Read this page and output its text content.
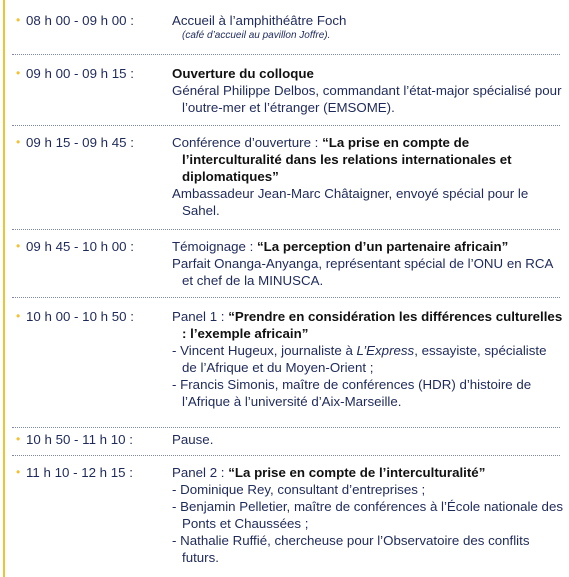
• 08 h 00 - 09 h 00 :	Accueil à l’amphithéâtre Foch
(café d’accueil au pavillon Joffre).
• 09 h 00 - 09 h 15 :	Ouverture du colloque
Général Philippe Delbos, commandant l’état-major spécialisé pour l’outre-mer et l’étranger (EMSOME).
• 09 h 15 - 09 h 45 :	Conférence d’ouverture : “La prise en compte de l’interculturalité dans les relations internationales et diplomatiques”
Ambassadeur Jean-Marc Châtaigner, envoyé spécial pour le Sahel.
• 09 h 45 - 10 h 00 :	Témoignage : “La perception d’un partenaire africain”
Parfait Onanga-Anyanga, représentant spécial de l’ONU en RCA et chef de la MINUSCA.
• 10 h 00 - 10 h 50 :	Panel 1 : “Prendre en considération les différences culturelles : l’exemple africain”
- Vincent Hugeux, journaliste à L’Express, essayiste, spécialiste de l’Afrique et du Moyen-Orient ;
- Francis Simonis, maître de conférences (HDR) d’histoire de l’Afrique à l’université d’Aix-Marseille.
• 10 h 50 - 11 h 10 :	Pause.
• 11 h 10 - 12 h 15 :	Panel 2 : “La prise en compte de l’interculturalité”
- Dominique Rey, consultant d’entreprises ;
- Benjamin Pelletier, maître de conférences à l’École nationale des Ponts et Chaussées ;
- Nathalie Ruffié, chercheuse pour l’Observatoire des conflits futurs.
